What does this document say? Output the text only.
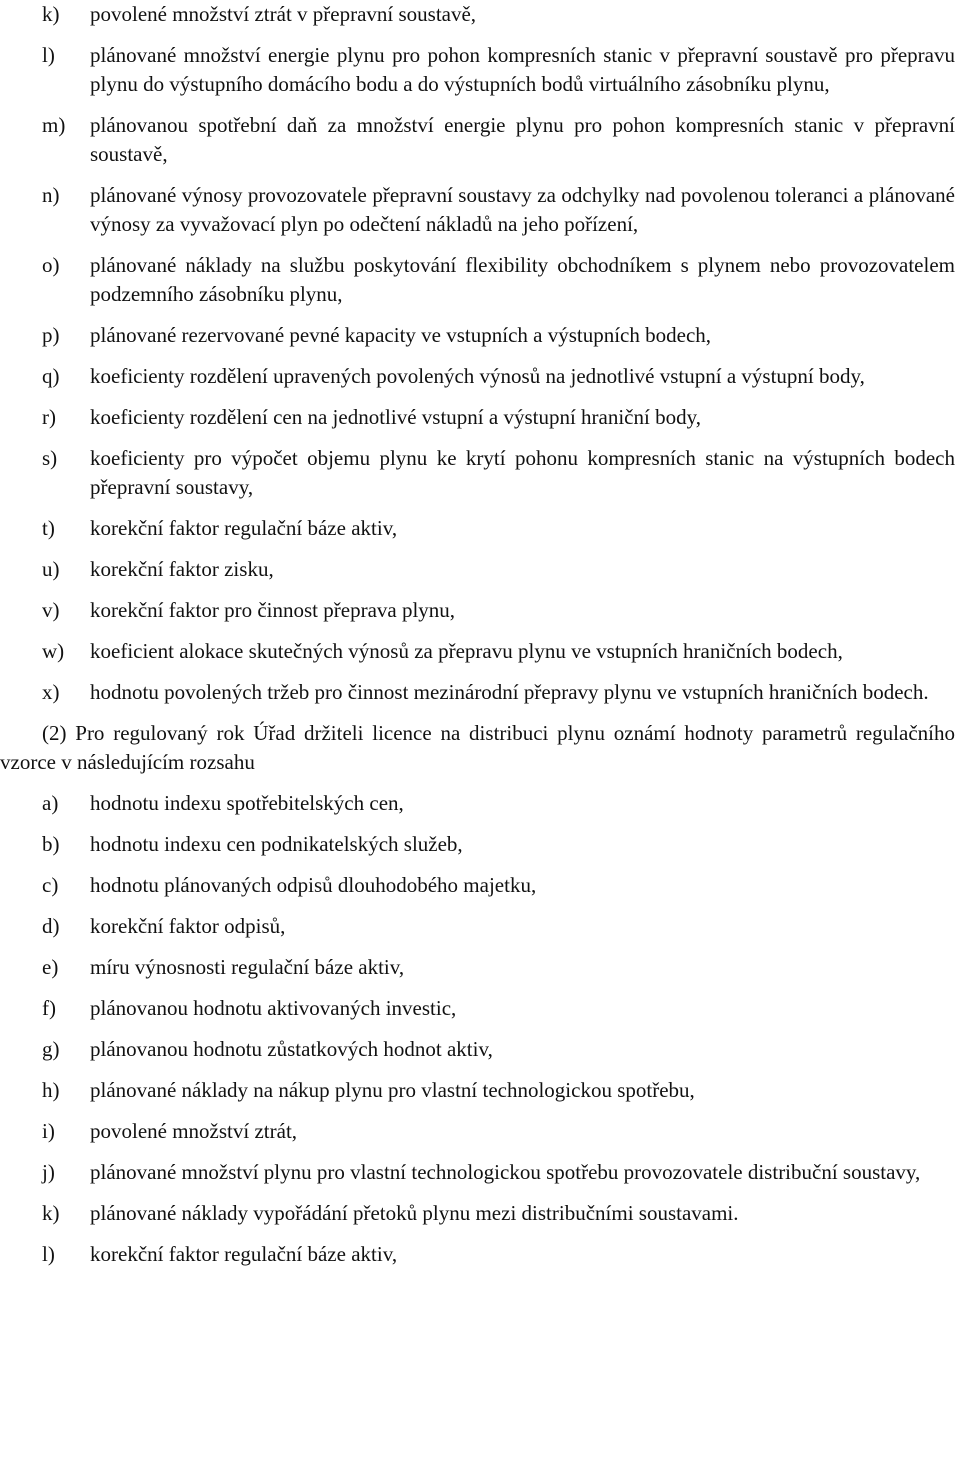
k)	povolené množství ztrát v přepravní soustavě,
l)	plánované množství energie plynu pro pohon kompresních stanic v přepravní soustavě pro přepravu plynu do výstupního domácího bodu a do výstupních bodů virtuálního zásobníku plynu,
m)	plánovanou spotřební daň za množství energie plynu pro pohon kompresních stanic v přepravní soustavě,
n)	plánované výnosy provozovatele přepravní soustavy za odchylky nad povolenou toleranci a plánované výnosy za vyvažovací plyn po odečtení nákladů na jeho pořízení,
o)	plánované náklady na službu poskytování flexibility obchodníkem s plynem nebo provozovatelem podzemního zásobníku plynu,
p)	plánované rezervované pevné kapacity ve vstupních a výstupních bodech,
q)	koeficienty rozdělení upravených povolených výnosů na jednotlivé vstupní a výstupní body,
r)	koeficienty rozdělení cen na jednotlivé vstupní a výstupní hraniční body,
s)	koeficienty pro výpočet objemu plynu ke krytí pohonu kompresních stanic na výstupních bodech přepravní soustavy,
t)	korekční faktor regulační báze aktiv,
u)	korekční faktor zisku,
v)	korekční faktor pro činnost přeprava plynu,
w)	koeficient alokace skutečných výnosů za přepravu plynu ve vstupních hraničních bodech,
x)	hodnotu povolených tržeb pro činnost mezinárodní přepravy plynu ve vstupních hraničních bodech.

(2) Pro regulovaný rok Úřad držiteli licence na distribuci plynu oznámí hodnoty parametrů regulačního vzorce v následujícím rozsahu

a)	hodnotu indexu spotřebitelských cen,
b)	hodnotu indexu cen podnikatelských služeb,
c)	hodnotu plánovaných odpisů dlouhodobého majetku,
d)	korekční faktor odpisů,
e)	míru výnosnosti regulační báze aktiv,
f)	plánovanou hodnotu aktivovaných investic,
g)	plánovanou hodnotu zůstatkových hodnot aktiv,
h)	plánované náklady na nákup plynu pro vlastní technologickou spotřebu,
i)	povolené množství ztrát,
j)	plánované množství plynu pro vlastní technologickou spotřebu provozovatele distribuční soustavy,
k)	plánované náklady vypořádání přetoků plynu mezi distribučními soustavami.
l)	korekční faktor regulační báze aktiv,
